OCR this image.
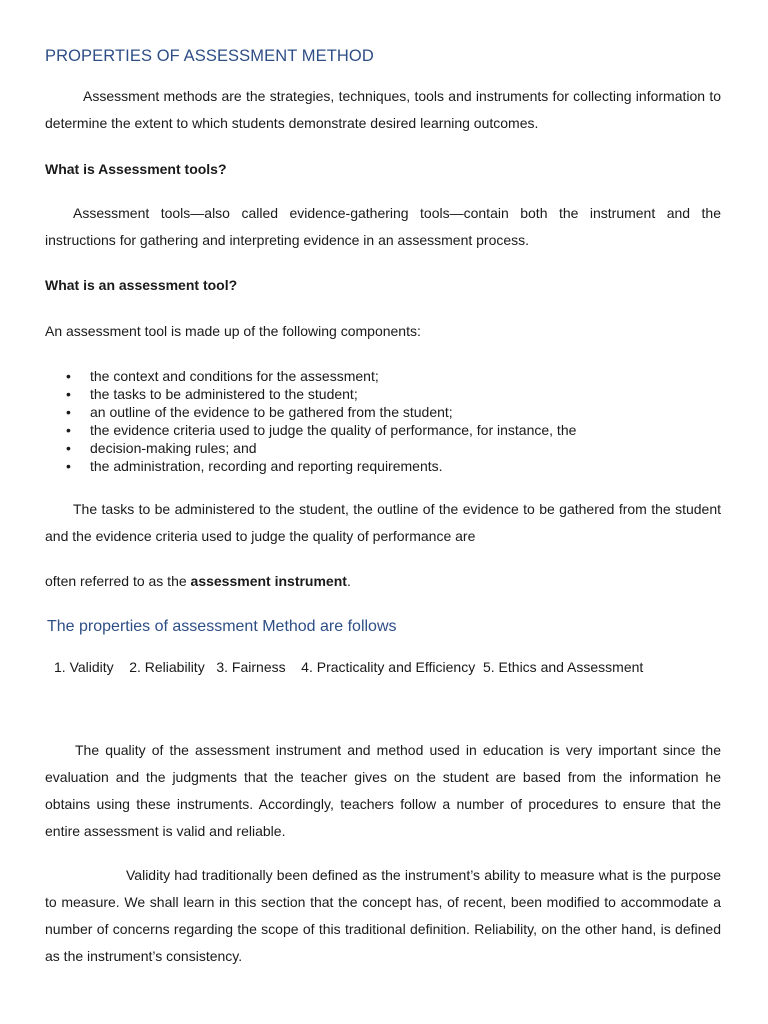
PROPERTIES OF ASSESSMENT METHOD

Assessment methods are the strategies, techniques, tools and instruments for collecting information to determine the extent to which students demonstrate desired learning outcomes.

What is Assessment tools?

Assessment tools—also called evidence-gathering tools—contain both the instrument and the instructions for gathering and interpreting evidence in an assessment process.

What is an assessment tool?
An assessment tool is made up of the following components:
• the context and conditions for the assessment;
• the tasks to be administered to the student;
• an outline of the evidence to be gathered from the student;
• the evidence criteria used to judge the quality of performance, for instance, the
• decision-making rules; and
• the administration, recording and reporting requirements.

The tasks to be administered to the student, the outline of the evidence to be gathered from the student and the evidence criteria used to judge the quality of performance are

often referred to as the assessment instrument.
The properties of assessment Method are follows
1. Validity    2. Reliability   3. Fairness    4. Practicality and Efficiency  5. Ethics and Assessment

The quality of the assessment instrument and method used in education is very important since the evaluation and the judgments that the teacher gives on the student are based from the information he obtains using these instruments. Accordingly, teachers follow a number of procedures to ensure that the entire assessment is valid and reliable.

Validity had traditionally been defined as the instrument’s ability to measure what is the purpose to measure. We shall learn in this section that the concept has, of recent, been modified to accommodate a number of concerns regarding the scope of this traditional definition. Reliability, on the other hand, is defined as the instrument’s consistency.
